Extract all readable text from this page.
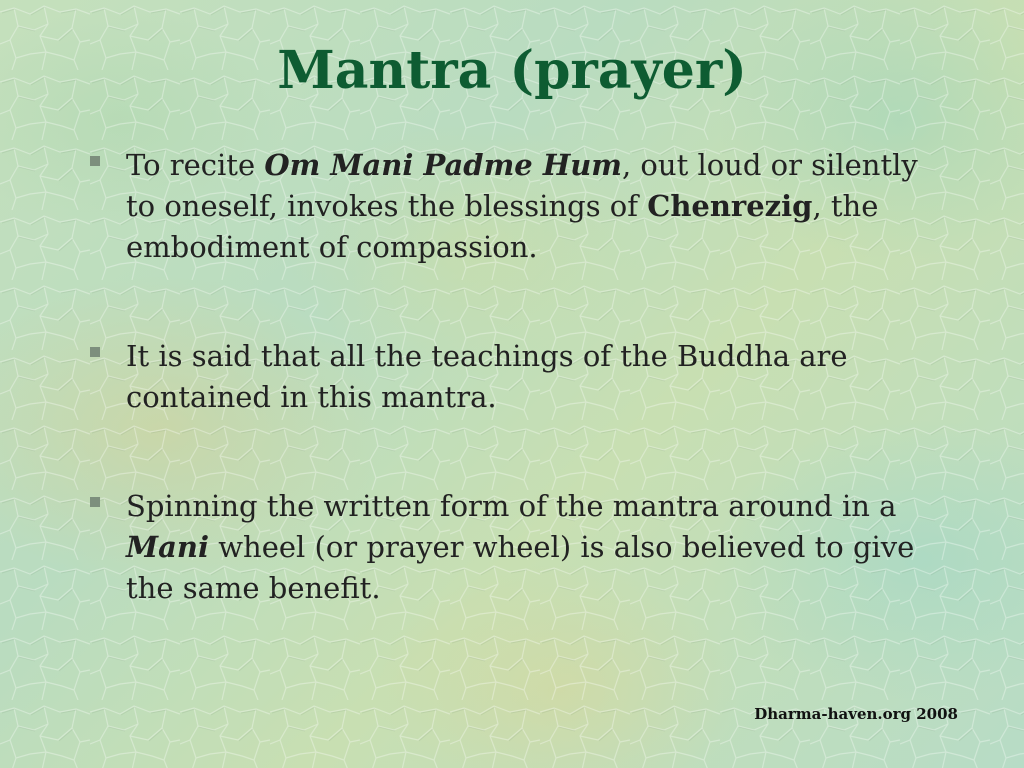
Mantra (prayer)
To recite Om Mani Padme Hum, out loud or silently to oneself, invokes the blessings of Chenrezig, the embodiment of compassion.
It is said that all the teachings of the Buddha are contained in this mantra.
Spinning the written form of the mantra around in a Mani wheel (or prayer wheel) is also believed to give the same benefit.
Dharma-haven.org 2008
